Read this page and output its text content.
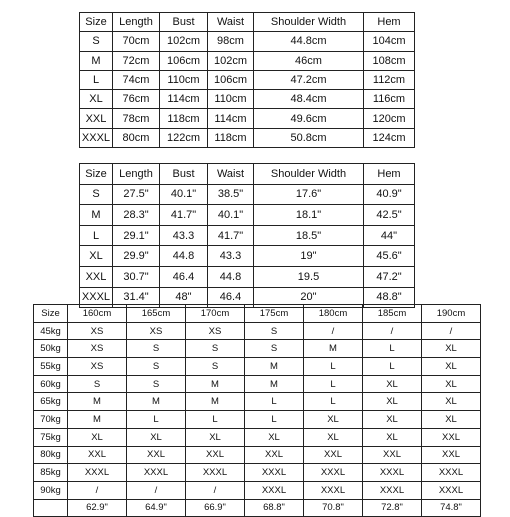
Size	Length	Bust	Waist	Shoulder Width	Hem
S	70cm	102cm	98cm	44.8cm	104cm
M	72cm	106cm	102cm	46cm	108cm
L	74cm	110cm	106cm	47.2cm	112cm
XL	76cm	114cm	110cm	48.4cm	116cm
XXL	78cm	118cm	114cm	49.6cm	120cm
XXXL	80cm	122cm	118cm	50.8cm	124cm
Size	Length	Bust	Waist	Shoulder Width	Hem
S	27.5"	40.1"	38.5"	17.6"	40.9"
M	28.3"	41.7"	40.1"	18.1"	42.5"
L	29.1"	43.3	41.7"	18.5"	44"
XL	29.9"	44.8	43.3	19"	45.6"
XXL	30.7"	46.4	44.8	19.5	47.2"
XXXL	31.4"	48"	46.4	20"	48.8"
Size	160cm	165cm	170cm	175cm	180cm	185cm	190cm
45kg	XS	XS	XS	S	/	/	/
50kg	XS	S	S	S	M	L	XL
55kg	XS	S	S	M	L	L	XL
60kg	S	S	M	M	L	XL	XL
65kg	M	M	M	L	L	XL	XL
70kg	M	L	L	L	XL	XL	XL
75kg	XL	XL	XL	XL	XL	XL	XXL
80kg	XXL	XXL	XXL	XXL	XXL	XXL	XXL
85kg	XXXL	XXXL	XXXL	XXXL	XXXL	XXXL	XXXL
90kg	/	/	/	XXXL	XXXL	XXXL	XXXL
	62.9"	64.9"	66.9"	68.8"	70.8"	72.8"	74.8"
